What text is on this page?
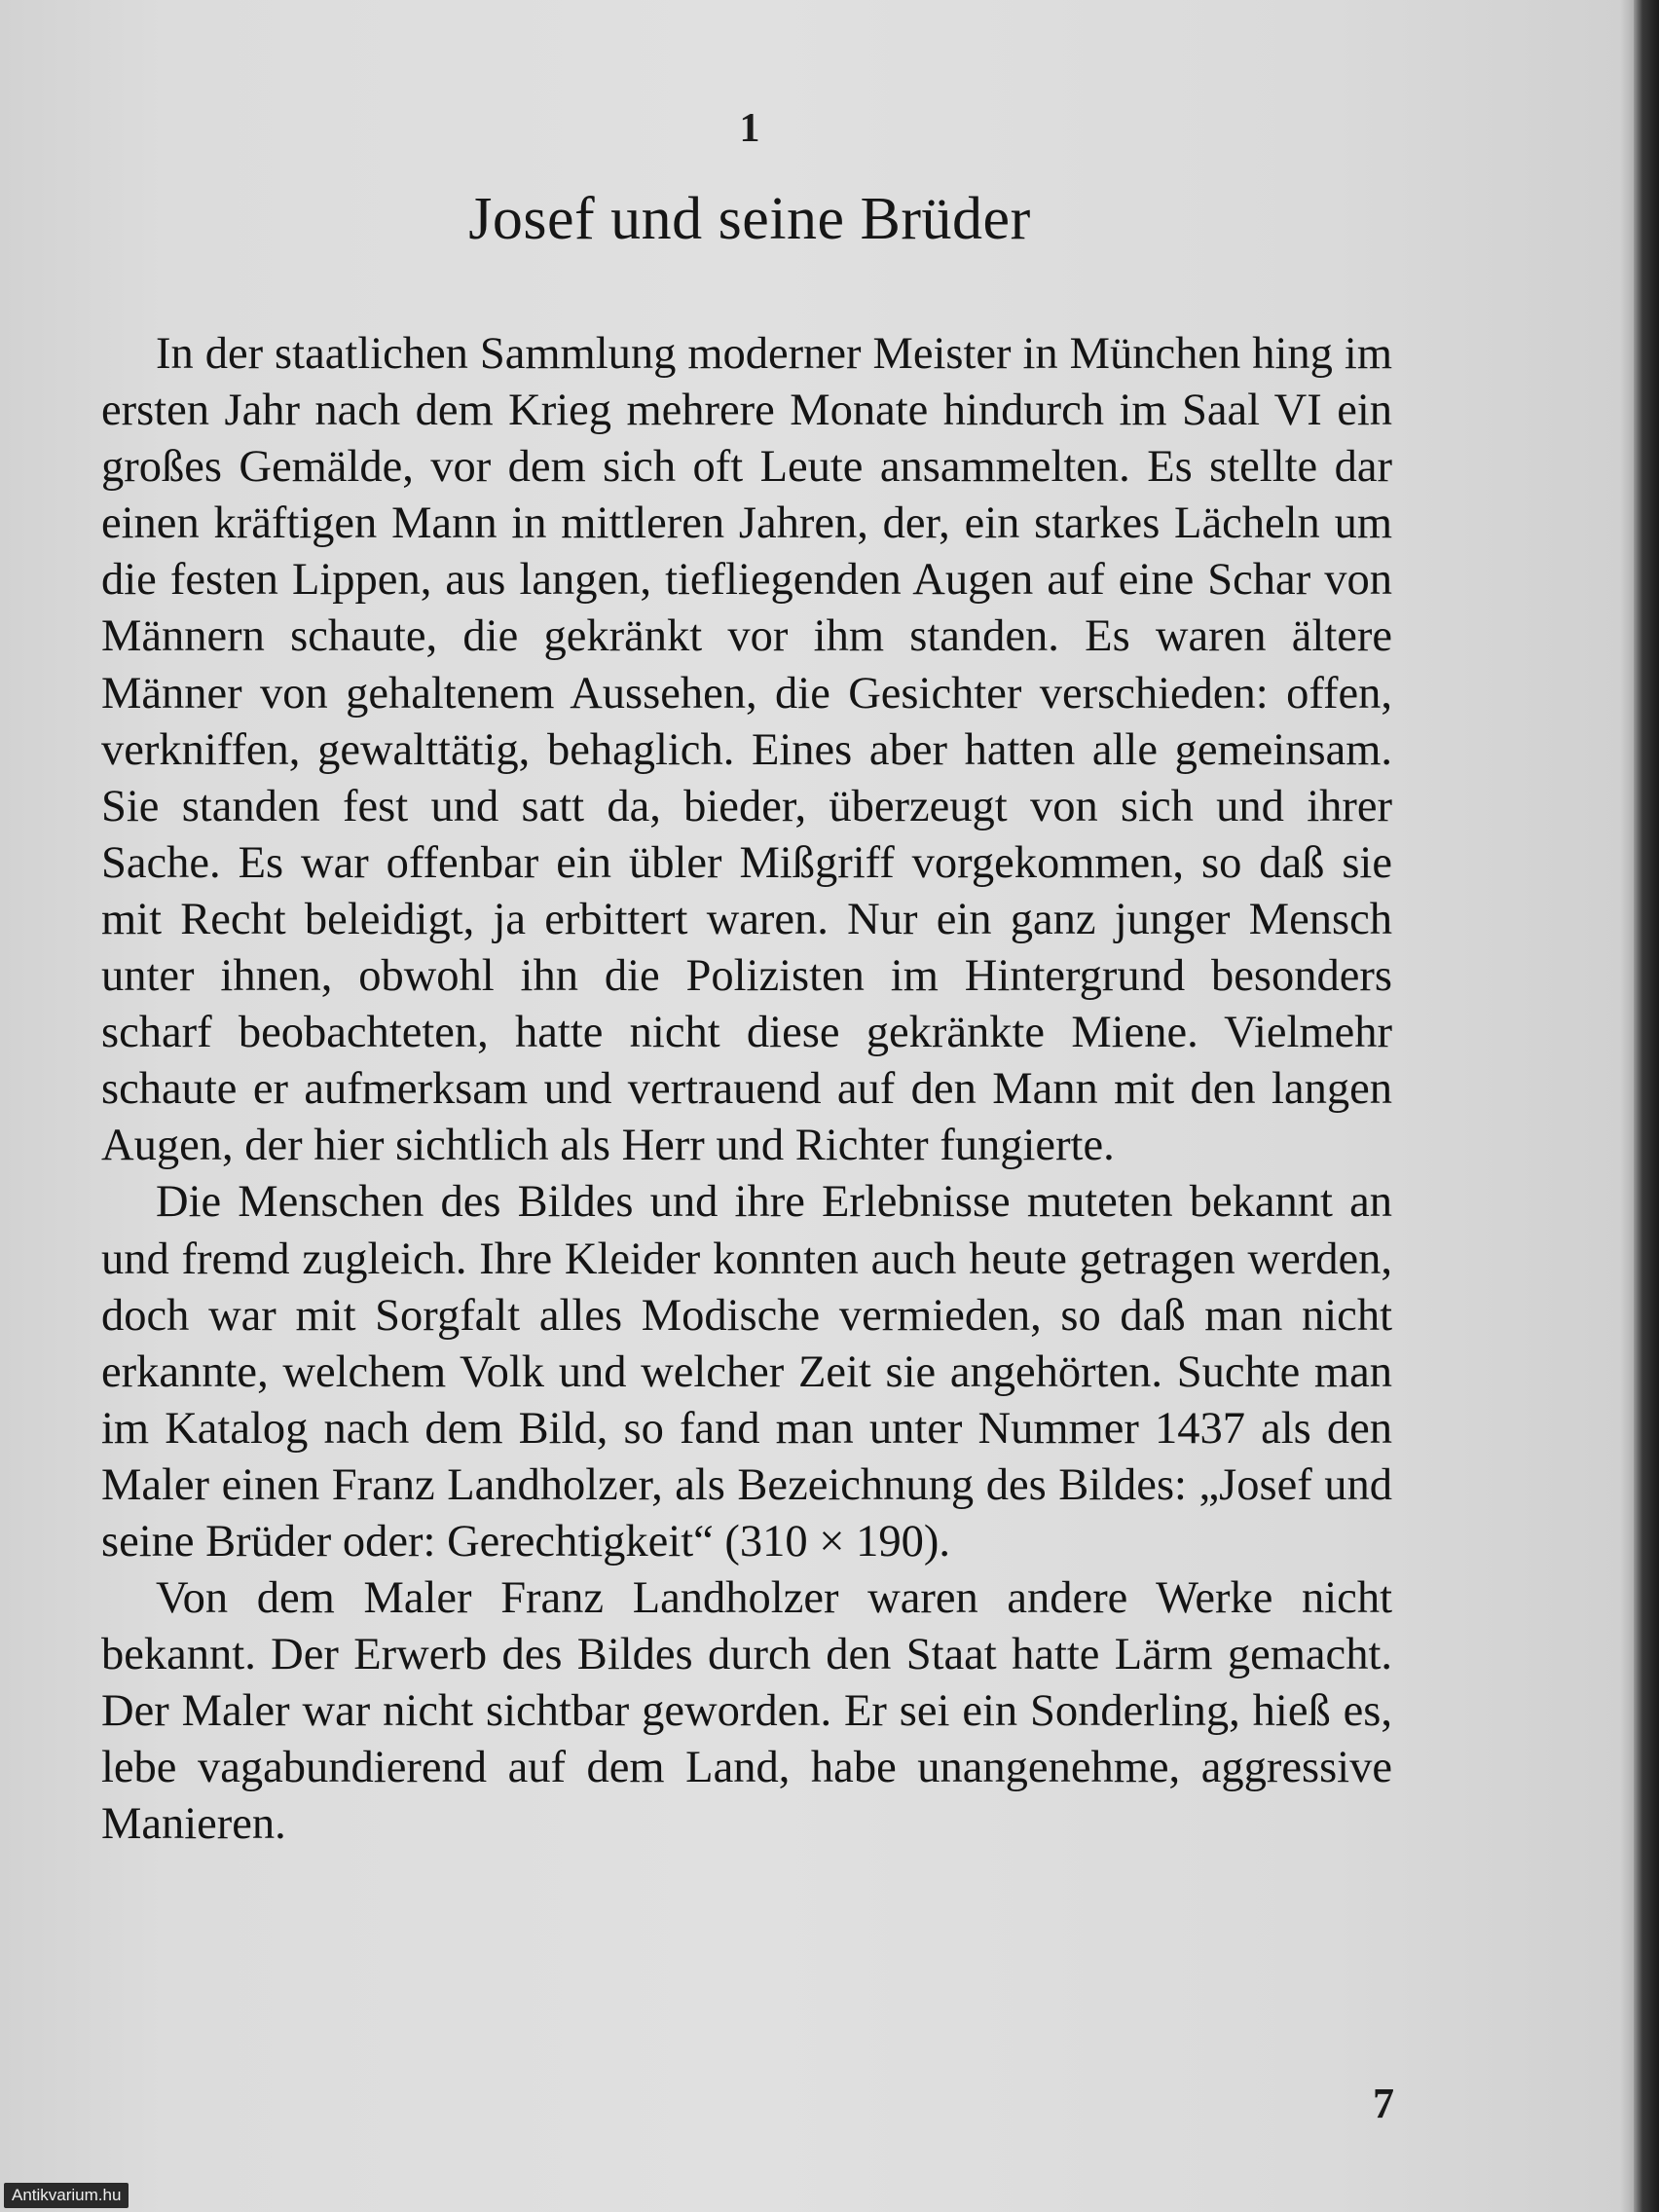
1
Josef und seine Brüder

In der staatlichen Sammlung moderner Meister in München hing im ersten Jahr nach dem Krieg mehrere Monate hindurch im Saal VI ein großes Gemälde, vor dem sich oft Leute ansammelten. Es stellte dar einen kräftigen Mann in mittleren Jahren, der, ein starkes Lächeln um die festen Lippen, aus langen, tiefliegenden Augen auf eine Schar von Männern schaute, die gekränkt vor ihm standen. Es waren ältere Männer von gehaltenem Aussehen, die Gesichter verschieden: offen, verkniffen, gewalttätig, behaglich. Eines aber hatten alle gemeinsam. Sie standen fest und satt da, bieder, überzeugt von sich und ihrer Sache. Es war offenbar ein übler Mißgriff vorgekommen, so daß sie mit Recht beleidigt, ja erbittert waren. Nur ein ganz junger Mensch unter ihnen, obwohl ihn die Polizisten im Hintergrund besonders scharf beobachteten, hatte nicht diese gekränkte Miene. Vielmehr schaute er aufmerksam und vertrauend auf den Mann mit den langen Augen, der hier sichtlich als Herr und Richter fungierte.

Die Menschen des Bildes und ihre Erlebnisse muteten bekannt an und fremd zugleich. Ihre Kleider konnten auch heute getragen werden, doch war mit Sorgfalt alles Modische vermieden, so daß man nicht erkannte, welchem Volk und welcher Zeit sie angehörten. Suchte man im Katalog nach dem Bild, so fand man unter Nummer 1437 als den Maler einen Franz Landholzer, als Bezeichnung des Bildes: „Josef und seine Brüder oder: Gerechtigkeit“ (310 × 190).

Von dem Maler Franz Landholzer waren andere Werke nicht bekannt. Der Erwerb des Bildes durch den Staat hatte Lärm gemacht. Der Maler war nicht sichtbar geworden. Er sei ein Sonderling, hieß es, lebe vagabundierend auf dem Land, habe unangenehme, aggressive Manieren.

7
Antikvarium.hu
